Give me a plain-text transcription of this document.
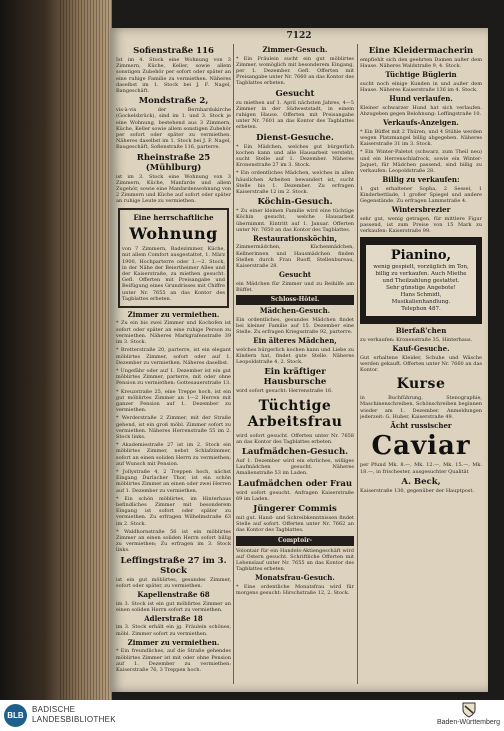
7122
Sofienstraße 116
Ist im 4. Stock eine Wohnung von 3 Zimmern, Küche, Keller, sowie allem sonstigen Zubehör per sofort oder später an eine ruhige Familie zu vermiethen. Näheres daselbst im 1. Stock bei J. F. Nagel, Bangeschäft.
Mondstraße 2,
vis-à-vis der Bernhardukirche (Gockelsbrück), sind im 1. und 3. Stock je eine Wohnung, bestehend aus 3 Zimmern, Küche, Keller sowie allem sonstigen Zubehör per sofort oder später zu vermiethen. Näheres daselbst im 1. Stock bei J. F. Nagel, Baugeschäft, Sofienstraße 116, parterre.
Rheinstraße 25 (Mühlburg)
ist im 3. Stock eine Wohnung von 3 Zimmern, Küche, Manfarde und allem Zugehör, sowie eine Manfardenwohnung von 2 Zimmern und Küche auf sofort oder später an ruhige Leute zu vermiethen.
Eine herrschaftliche
Wohnung
von 7 Zimmern, Badezimmer, Küche, mit allem Comfort ausgestattet, 1. März 1900, Hochparterre oder 1.—2. Stock, in der Nähe der Beiertheimer Allee und der Kaiserstraße, zu miethen gesucht. Gefl. Offerten mit Preisangabe und Beifügung eines Grundrisses mit Chiffre unter Nr. 7655 an das Kontor des Tagblattes erbeten.
Zimmer zu vermiethen.
* Zu ein bis zwei Zimmer und Kochofen ist sofort oder später an eine ruhige Person zu vermiethen. Näheres Markgrafenstraße 39 im 3. Stock.
* Bretterstraße 20, parterre, ist ein elegant möblirtes Zimmer, sofort oder auf 1. Dezember zu vermiethen. Näheres daselbst.
* Ungefähr oder auf 1. Dezember ist ein gut möblirtes Zimmer, parterre, mit oder ohne Pension zu vermiethen: Gottesauerstraße 13.
* Kreuzstraße 25, eine Treppe hoch, ist ein gut möblirtes Zimmer an 1—2 Herren mit ganzer Pension auf 1. Dezember zu vermiethen.
* Werderstraße 2 Zimmer, mit der Straße gehend, ist ein groß möbl. Zimmer sofort zu vermiethen. Näheres Herrenstraße 55 im 2. Stock links.
* Akademiestraße 27 ist im 2. Stock ein möblirtes Zimmer, nebst Schlafzimmer, sofort an einen soliden Herrn zu vermiethen; auf Wunsch mit Pension.
* Jollystraße 4, 2 Treppen hoch, nächst Eingang Durlacher Thor, ist ein schön möblirtes Zimmer an einen oder zwei Herren auf 1. Dezember zu vermiethen.
* Ein schön möblirtes, im Hinterhaus befindliches Zimmer mit besonderem Eingang ist sofort oder später zu vermiethen. Zu erfragen Wilhelmstraße 63 im 2. Stock.
* Waldhornstraße 56 ist ein möblirtes Zimmer an einen soliden Herrn sofort billig zu vermiethen; Zu erfragen im 3. Stock links.
Leffingstraße 27 im 3. Stock
ist ein gut möblirtes, gesundes Zimmer, sofort oder später, zu vermiethen.
Kapellenstraße 68
im 3. Stock ist ein gut möblirtes Zimmer an einen soliden Herrn sofort zu vermiethen.
Adlerstraße 18
im 3. Stock erhält ein jg. Fräulein schönes, möbl. Zimmer sofort zu vermiethen.
Zimmer zu vermiethen.
* Ein freundliches, auf die Straße gehendes möblirtes Zimmer ist mit oder ohne Pension auf 1. Dezember zu vermiethen: Kaiserstraße 76, 3 Treppen hoch.
Zimmer-Gesuch.
* Ein Fräulein sucht ein gut möblirtes Zimmer, womöglich mit besonderem Eingang, per 1. Dezember. Gefl. Offerten mit Preisangabe unter Nr. 7660 an das Kontor des Tagblattes erbeten.
Gesucht
zu miethen auf 1. April nächsten Jahres, 4—5 Zimmer in der Südweststadt, in einem ruhigen Hause. Offerten mit Preisangabe unter Nr. 7601 an das Kontor des Tagblattes erbeten.
Dienst-Gesuche.
* Ein Mädchen, welches gut bürgerlich kochen kann und alle Hausarbeit versteht, sucht Stelle auf 1. Dezember. Näheres Kronenstraße 27 im 3. Stock.
* Ein ordentliches Mädchen, welches in allen häuslichen Arbeiten bewandert ist, sucht Stelle bis 1. Dezember. Zu erfragen Kaiserstraße 12 im 2. Stock.
Köchin-Gesuch.
* Zu einer kleinen Familie wird eine tüchtige Köchin gesucht, welche Hausarbeit übernimmt. Eintritt auf 1. Januar. Offerten unter Nr. 7650 an das Kontor des Tagblattes.
Restaurationsköchin,
Zimmermädchen, Küchenmädchen, Kellnerinnen und Hausmädchen finden Stellen durch Frau Ruoff, Stellenbureau, Kaiserstraße 28.
Gesucht
ein Mädchen für Zimmer und zu Beihilfe am Büffet.
Schloss-Hôtel.
Mädchen-Gesuch.
Ein ordentliches, gesundes Mädchen findet bei kleiner Familie auf 15. Dezember eine Stelle. Zu erfragen Kriegsstraße 92, parterre.
Ein älteres Mädchen,
welches bürgerlich kochen kann und Liebe zu Kindern hat, findet gute Stelle. Näheres Leopoldstraße 4, 2. Stock.
Ein kräftiger Hausbursche
wird sofort gesucht: Herrenstraße 16.
Tüchtige Arbeitsfrau
wird sofort gesucht. Offerten unter Nr. 7658 an das Kontor des Tagblattes erbeten.
Laufmädchen-Gesuch.
Auf 1. Dezember wird ein ehrliches, williges Laufmädchen gesucht. Näheres Amalienstraße 53 im Laden.
Laufmädchen oder Frau
wird sofort gesucht. Anfragen Kaiserstraße 69 im Laden.
Jüngerer Commis
mit gut. Hand- und Schreibkenntnissen findet Stelle auf sofort. Offerten unter Nr. 7662 an das Kontor des Tagblattes.
Comptoir-
Volontair für ein Handels-Aktiengeschäft wird auf Ostern gesucht. Schriftliche Offerten mit Lebenslauf unter Nr. 7655 an das Kontor des Tagblattes erbeten.
Monatsfrau-Gesuch.
* Eine ordentliche Monatsfrau wird für morgens gesucht: Hirschstraße 12, 2. Stock.
Eine Kleidermacherin
empfiehlt sich den geehrten Damen außer dem Hause. Näheres Waldstraße 9, 4. Stock.
Tüchtige Büglerin
sucht noch einige Kunden in und außer dem Hause. Näheres Kaiserstraße 136 im 4. Stock.
Hund verlaufen.
Kleiner schwarzer Hund hat sich verlaufen. Abzugeben gegen Belohnung: Leffingstraße 10.
Verkaufs-Anzeigen.
* Ein Büffet mit 2 Thüren, und 4 Stühle werden wegen Platzmangel billig abgegeben. Näheres Kaiserstraße 31 im 3. Stock.
* Ein Winter-Paletot (schwarz, zum Theil neu) und ein Herrenschlafrock, sowie ein Winter-Jaquet, für Mädchen passend, sind billig zu verkaufen: Leopoldstraße 28.
Billig zu verkaufen:
1 gut erhaltener Sopha, 2 Sessel, 1 Kinderbettlade, 1 großer Spiegel und andere Gegenstände. Zu erfragen Lammstraße 4.
Wintersbrezier
sehr gut, wenig getragen, für mittlere Figur passend, ist zum Preise von 15 Mark zu verkaufen: Kaiserstraße 99.
Pianino,
wenig gespielt, vorzüglich im Ton,
billig zu verkaufen. Auch Miethe
und Theilzahlung gestattet.
Sehr günstige Angebote!
Hans Schmidt,
Musikalienhandlung.
Telephon 487.
Bierfaß'chen
zu verkaufen: Kronenstraße 35, Hinterhaus.
Kauf-Gesuche.
Gut erhaltene Kleider, Schuhe und Wäsche werden gekauft. Offerten unter Nr. 7660 an das Kontor.
Kurse
in Buchführung, Stenographie, Maschinenschreiben, Schönschreiben beginnen wieder am 1. Dezember. Anmeldungen jederzeit: G. Huber, Kaiserstraße 49.
Ächt russischer
Caviar
per Pfund Mk. 8.—, Mk. 12.—, Mk. 15.—, Mk. 18.—, in frischester, ausgesuchter Qualität
A. Beck,
Kaiserstraße 130, gegenüber der Hauptpost.
BLB
BADISCHE
LANDESBIBLIOTHEK	Baden-Württemberg
